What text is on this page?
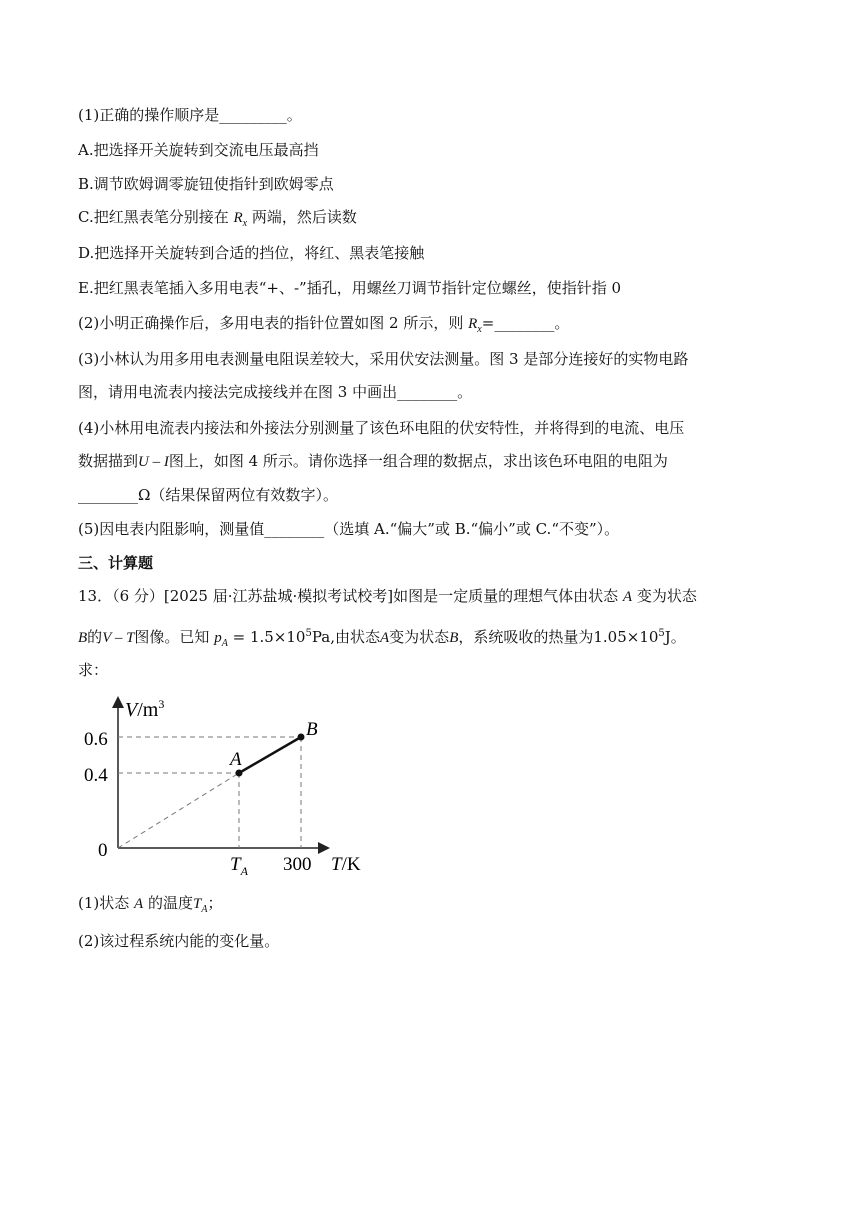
(1)正确的操作顺序是_________。
A.把选择开关旋转到交流电压最高挡
B.调节欧姆调零旋钮使指针到欧姆零点
C.把红黑表笔分别接在 $R_x$ 两端，然后读数
D.把选择开关旋转到合适的挡位，将红、黑表笔接触
E.把红黑表笔插入多用电表“+、-”插孔，用螺丝刀调节指针定位螺丝，使指针指 0
(2)小明正确操作后，多用电表的指针位置如图 2 所示，则 $R_x=\_\_\_\_\_\_\_\_$。
(3)小林认为用多用电表测量电阻误差较大，采用伏安法测量。图 3 是部分连接好的实物电路
图，请用电流表内接法完成接线并在图 3 中画出________。
(4)小林用电流表内接法和外接法分别测量了该色环电阻的伏安特性，并将得到的电流、电压
数据描到U – I图上，如图 4 所示。请你选择一组合理的数据点，求出该色环电阻的电阻为
________Ω（结果保留两位有效数字）。
(5)因电表内阻影响，测量值________（选填 A.“偏大”或 B.“偏小”或 C.“不变”）。
三、计算题
13．（6 分）[2025 届·江苏盐城·模拟考试校考]如图是一定质量的理想气体由状态 A 变为状态
B的V – T图像。已知 $p_A = 1.5\times 10^5Pa$,由状态A变为状态B，系统吸收的热量为$1.05\times 10^5J$。
求：
$V/m^3$
0.6
0.4
0
A
B
$T_A$ 300 T/K
(1)状态 A 的温度$T_A$；
(2)该过程系统内能的变化量。
